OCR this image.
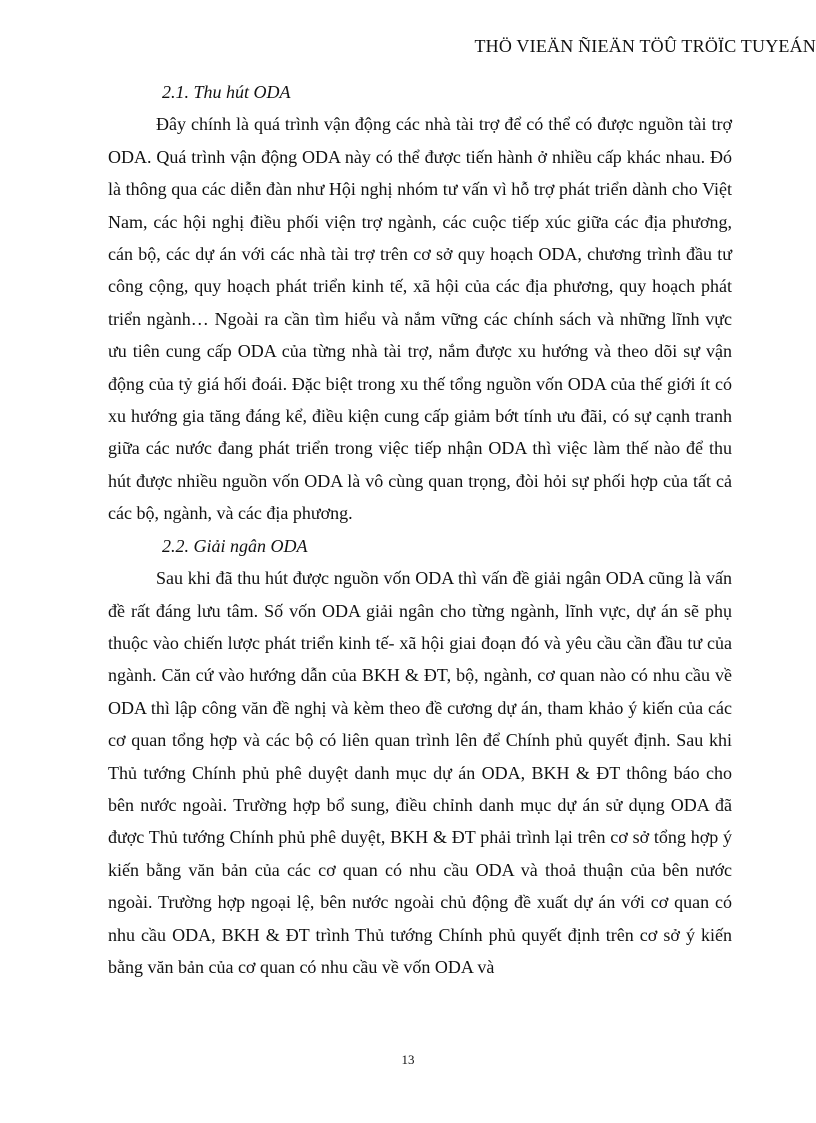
THÖ VIEÄN ÑIEÄN TÖÛ TRÖÏC TUYEÁN

2.1. Thu hút ODA

Đây chính là quá trình vận động các nhà tài trợ để có thể có được nguồn tài trợ ODA. Quá trình vận động ODA này có thể được tiến hành ở nhiều cấp khác nhau. Đó là thông qua các diễn đàn như Hội nghị nhóm tư vấn vì hỗ trợ phát triển dành cho Việt Nam, các hội nghị điều phối viện trợ ngành, các cuộc tiếp xúc giữa các địa phương, cán bộ, các dự án với các nhà tài trợ trên cơ sở quy hoạch ODA, chương trình đầu tư công cộng, quy hoạch phát triển kinh tế, xã hội của các địa phương, quy hoạch phát triển ngành… Ngoài ra cần tìm hiểu và nắm vững các chính sách và những lĩnh vực ưu tiên cung cấp ODA của từng nhà tài trợ, nắm được xu hướng và theo dõi sự vận động của tỷ giá hối đoái. Đặc biệt trong xu thế tổng nguồn vốn ODA của thế giới ít có xu hướng gia tăng đáng kể, điều kiện cung cấp giảm bớt tính ưu đãi, có sự cạnh tranh giữa các nước đang phát triển trong việc tiếp nhận ODA thì việc làm thế nào để thu hút được nhiều nguồn vốn ODA là vô cùng quan trọng, đòi hỏi sự phối hợp của tất cả các bộ, ngành, và các địa phương.

2.2. Giải ngân ODA

Sau khi đã thu hút được nguồn vốn ODA thì vấn đề giải ngân ODA cũng là vấn đề rất đáng lưu tâm. Số vốn ODA giải ngân cho từng ngành, lĩnh vực, dự án sẽ phụ thuộc vào chiến lược phát triển kinh tế- xã hội giai đoạn đó và yêu cầu cần đầu tư của ngành. Căn cứ vào hướng dẫn của BKH & ĐT, bộ, ngành, cơ quan nào có nhu cầu về ODA thì lập công văn đề nghị và kèm theo đề cương dự án, tham khảo ý kiến của các cơ quan tổng hợp và các bộ có liên quan trình lên để Chính phủ quyết định. Sau khi Thủ tướng Chính phủ phê duyệt danh mục dự án ODA, BKH & ĐT thông báo cho bên nước ngoài. Trường hợp bổ sung, điều chỉnh danh mục dự án sử dụng ODA đã được Thủ tướng Chính phủ phê duyệt, BKH & ĐT phải trình lại trên cơ sở tổng hợp ý kiến bằng văn bản của các cơ quan có nhu cầu ODA và thoả thuận của bên nước ngoài. Trường hợp ngoại lệ, bên nước ngoài chủ động đề xuất dự án với cơ quan có nhu cầu ODA, BKH & ĐT trình Thủ tướng Chính phủ quyết định trên cơ sở ý kiến bằng văn bản của cơ quan có nhu cầu về vốn ODA và

13
